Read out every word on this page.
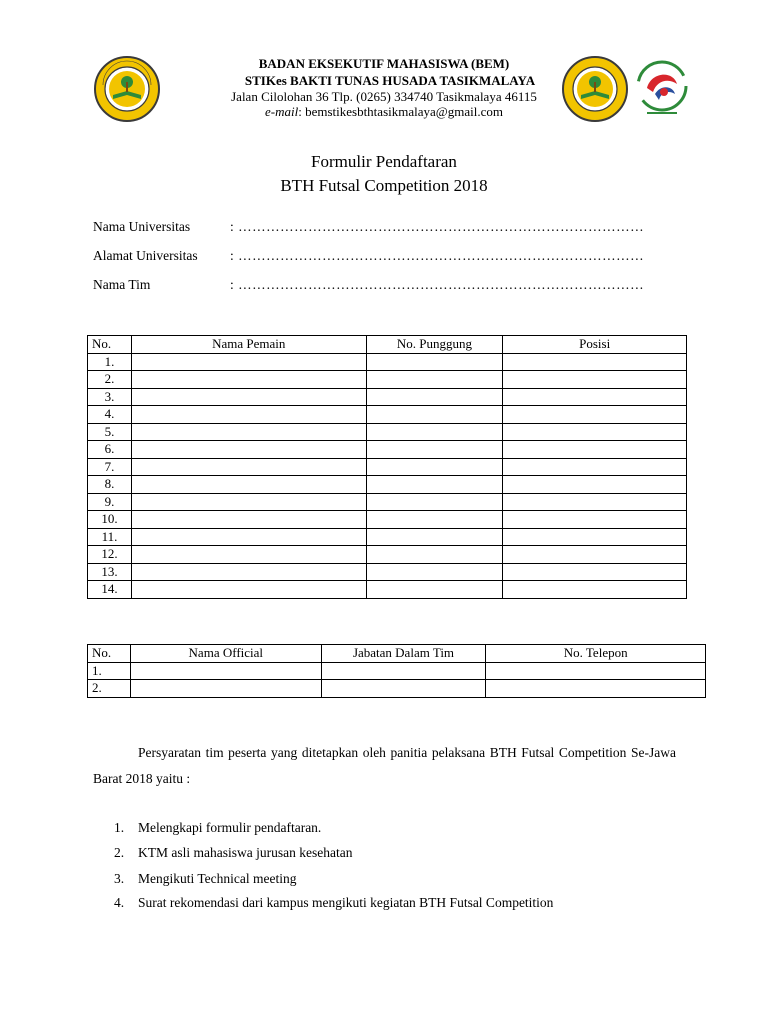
BADAN EKSEKUTIF MAHASISWA (BEM)
STIKes BAKTI TUNAS HUSADA TASIKMALAYA
Jalan Cilolohan 36 Tlp. (0265) 334740 Tasikmalaya 46115
e-mail: bemstikesbthtasikmalaya@gmail.com
Formulir Pendaftaran
BTH Futsal Competition 2018
Nama Universitas	: ……………………………………………………………………………
Alamat Universitas : ……………………………………………………………………………
Nama Tim	: ……………………………………………………………………………
No.	Nama Pemain	No. Punggung	Posisi
1.			
2.			
3.			
4.			
5.			
6.			
7.			
8.			
9.			
10.			
11.			
12.			
13.			
14.			
No.	Nama Official	Jabatan Dalam Tim	No. Telepon
1.			
2.			
Persyaratan tim peserta yang ditetapkan oleh panitia pelaksana BTH Futsal Competition Se-Jawa Barat 2018 yaitu :
1. Melengkapi formulir pendaftaran.
2. KTM asli mahasiswa jurusan kesehatan
3. Mengikuti Technical meeting
4. Surat rekomendasi dari kampus mengikuti kegiatan BTH Futsal Competition
